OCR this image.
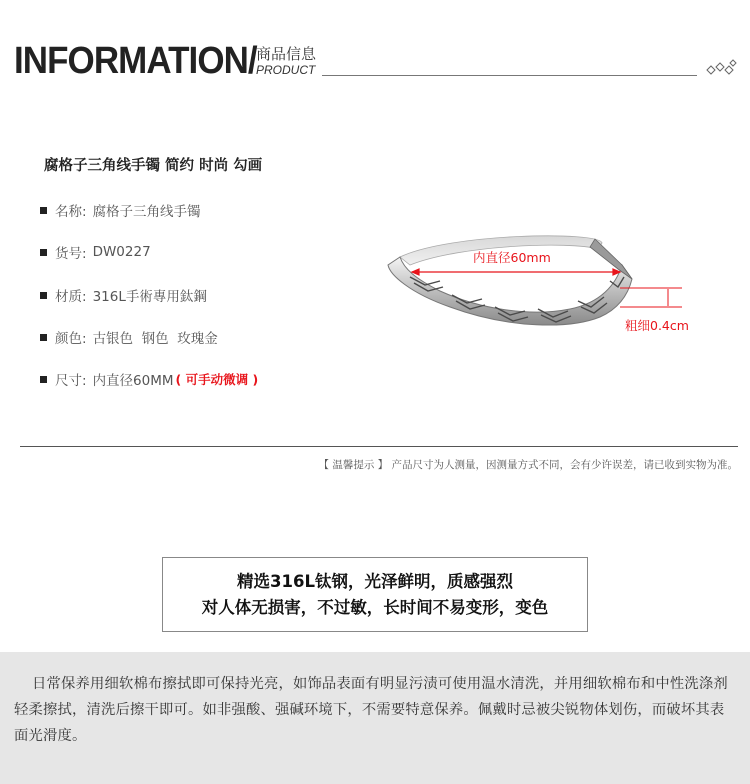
INFORMATION/ 商品信息
PRODUCT
腐格子三角线手镯 简约 时尚 勾画
名称: 腐格子三角线手镯
货号: DW0227
材质: 316L手術專用鈦鋼
颜色: 古银色  钢色  玫瑰金
尺寸: 内直径60MM ( 可手动微调 )
内直径60mm
粗细0.4cm
【 温馨提示 】 产品尺寸为人测量，因测量方式不同，会有少许误差，请已收到实物为准。
精选316L钛钢，光泽鲜明，质感强烈
对人体无损害，不过敏，长时间不易变形，变色
日常保养用细软棉布擦拭即可保持光亮，如饰品表面有明显污渍可使用温水清洗，并用细软棉布和中性洗涤剂轻柔擦拭，清洗后擦干即可。如非强酸、强碱环境下，不需要特意保养。佩戴时忌被尖锐物体划伤，而破坏其表面光滑度。
